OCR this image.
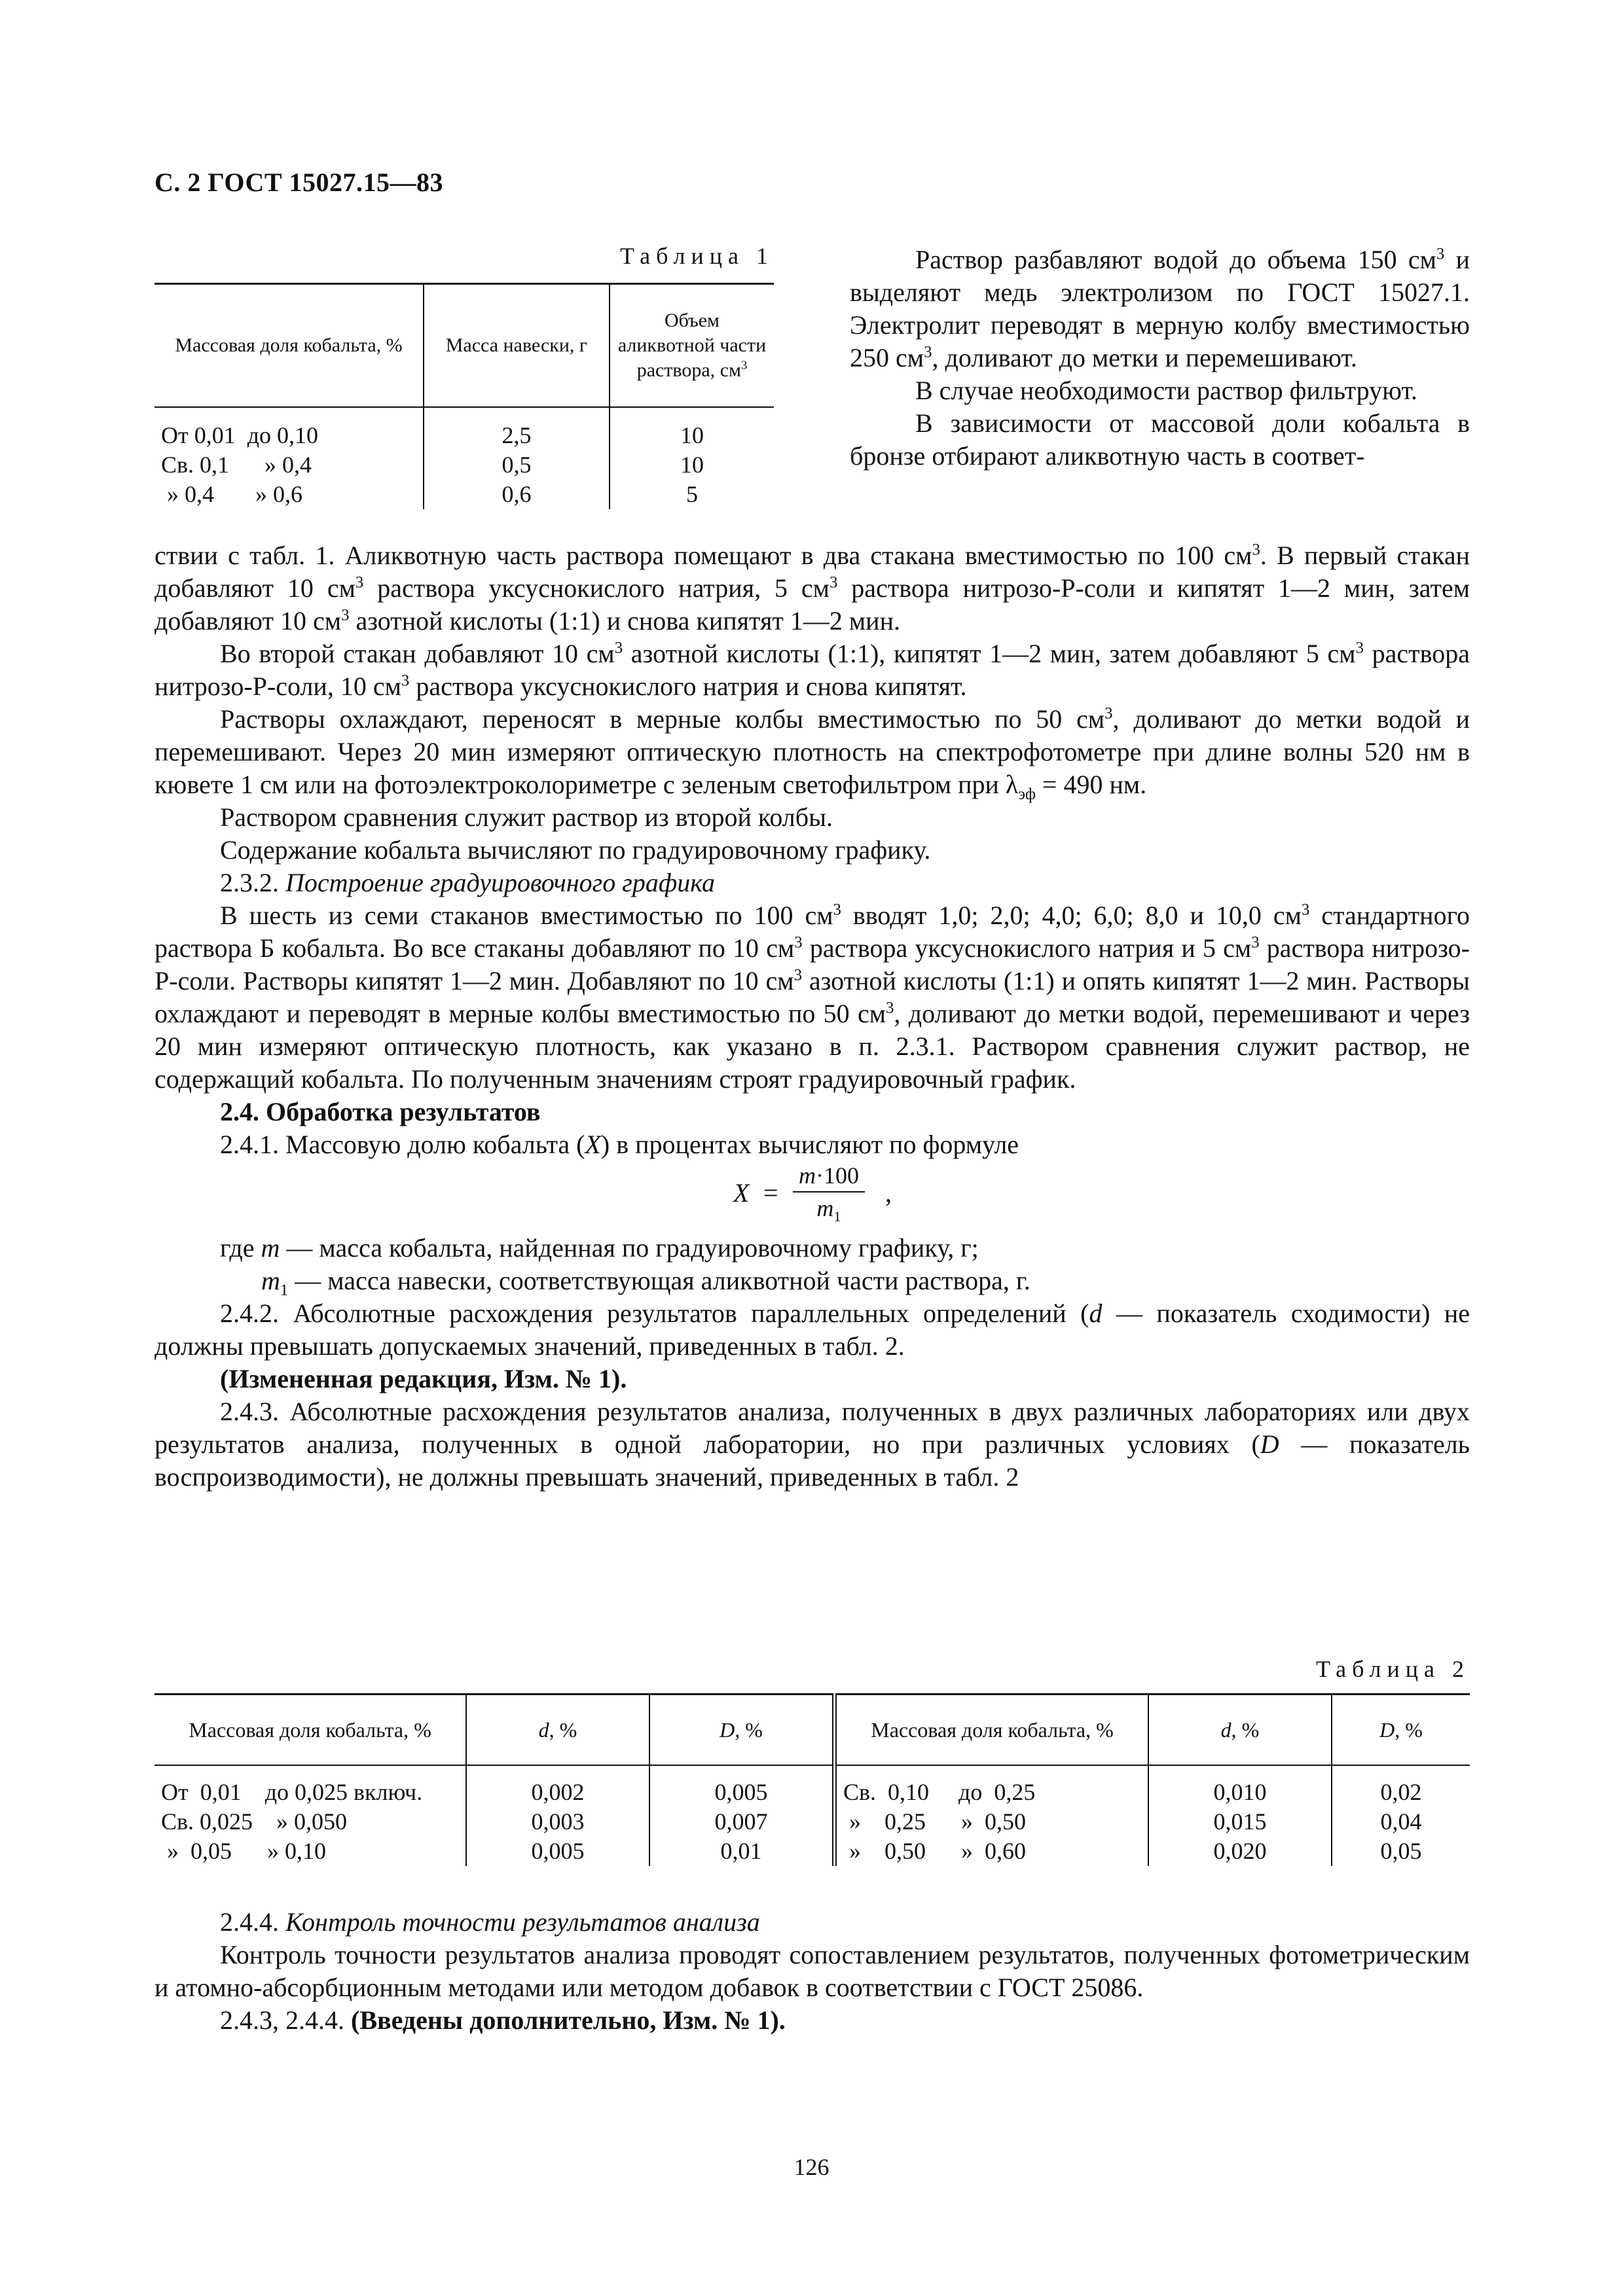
С. 2 ГОСТ 15027.15—83
Таблица 1
Массовая доля кобальта, %	Масса навески, г	Объем аликвотной части раствора, $см^3$
От 0,01  до 0,10	2,5	10
Св. 0,1      » 0,4	0,5	10
» 0,4       » 0,6	0,6	5

Раствор разбавляют водой до объема 150 $см^3$ и выделяют медь электролизом по ГОСТ 15027.1. Электролит переводят в мерную колбу вместимостью 250 $см^3$, доливают до метки и перемешивают.

В случае необходимости раствор фильтруют.

В зависимости от массовой доли кобальта в бронзе отбирают аликвотную часть в соответ-

ствии с табл. 1. Аликвотную часть раствора помещают в два стакана вместимостью по 100 $см^3$. В первый стакан добавляют 10 $см^3$ раствора уксуснокислого натрия, 5 $см^3$ раствора нитрозо-Р-соли и кипятят 1—2 мин, затем добавляют 10 $см^3$ азотной кислоты (1:1) и снова кипятят 1—2 мин.

Во второй стакан добавляют 10 $см^3$ азотной кислоты (1:1), кипятят 1—2 мин, затем добавляют 5 $см^3$ раствора нитрозо-Р-соли, 10 $см^3$ раствора уксуснокислого натрия и снова кипятят.

Растворы охлаждают, переносят в мерные колбы вместимостью по 50 $см^3$, доливают до метки водой и перемешивают. Через 20 мин измеряют оптическую плотность на спектрофотометре при длине волны 520 нм в кювете 1 см или на фотоэлектроколориметре с зеленым светофильтром при $\lambda_{эф} = 490$ нм.

Раствором сравнения служит раствор из второй колбы.

Содержание кобальта вычисляют по градуировочному графику.

2.3.2. Построение градуировочного графика

В шесть из семи стаканов вместимостью по 100 $см^3$ вводят 1,0; 2,0; 4,0; 6,0; 8,0 и 10,0 $см^3$ стандартного раствора Б кобальта. Во все стаканы добавляют по 10 $см^3$ раствора уксуснокислого натрия и 5 $см^3$ раствора нитрозо-Р-соли. Растворы кипятят 1—2 мин. Добавляют по 10 $см^3$ азотной кислоты (1:1) и опять кипятят 1—2 мин. Растворы охлаждают и переводят в мерные колбы вместимостью по 50 $см^3$, доливают до метки водой, перемешивают и через 20 мин измеряют оптическую плотность, как указано в п. 2.3.1. Раствором сравнения служит раствор, не содержащий кобальта. По полученным значениям строят градуировочный график.

2.4. Обработка результатов

2.4.1. Массовую долю кобальта (X) в процентах вычисляют по формуле

$X = \frac{m\cdot 100}{m_1}$ ,

где m — масса кобальта, найденная по градуировочному графику, г;

$m_1$ — масса навески, соответствующая аликвотной части раствора, г.

2.4.2. Абсолютные расхождения результатов параллельных определений (d — показатель сходимости) не должны превышать допускаемых значений, приведенных в табл. 2.

(Измененная редакция, Изм. № 1).

2.4.3. Абсолютные расхождения результатов анализа, полученных в двух различных лабораториях или двух результатов анализа, полученных в одной лаборатории, но при различных условиях (D — показатель воспроизводимости), не должны превышать значений, приведенных в табл. 2

Таблица 2
Массовая доля кобальта, %	d, %	D, %	Массовая доля кобальта, %	d, %	D, %
От  0,01    до 0,025 включ.	0,002	0,005	Св.  0,10     до  0,25	0,010	0,02
Св. 0,025    » 0,050	0,003	0,007	»    0,25      »  0,50	0,015	0,04
»  0,05      » 0,10	0,005	0,01	»    0,50      »  0,60	0,020	0,05

2.4.4. Контроль точности результатов анализа

Контроль точности результатов анализа проводят сопоставлением результатов, полученных фотометрическим и атомно-абсорбционным методами или методом добавок в соответствии с ГОСТ 25086.

2.4.3, 2.4.4. (Введены дополнительно, Изм. № 1).

126
